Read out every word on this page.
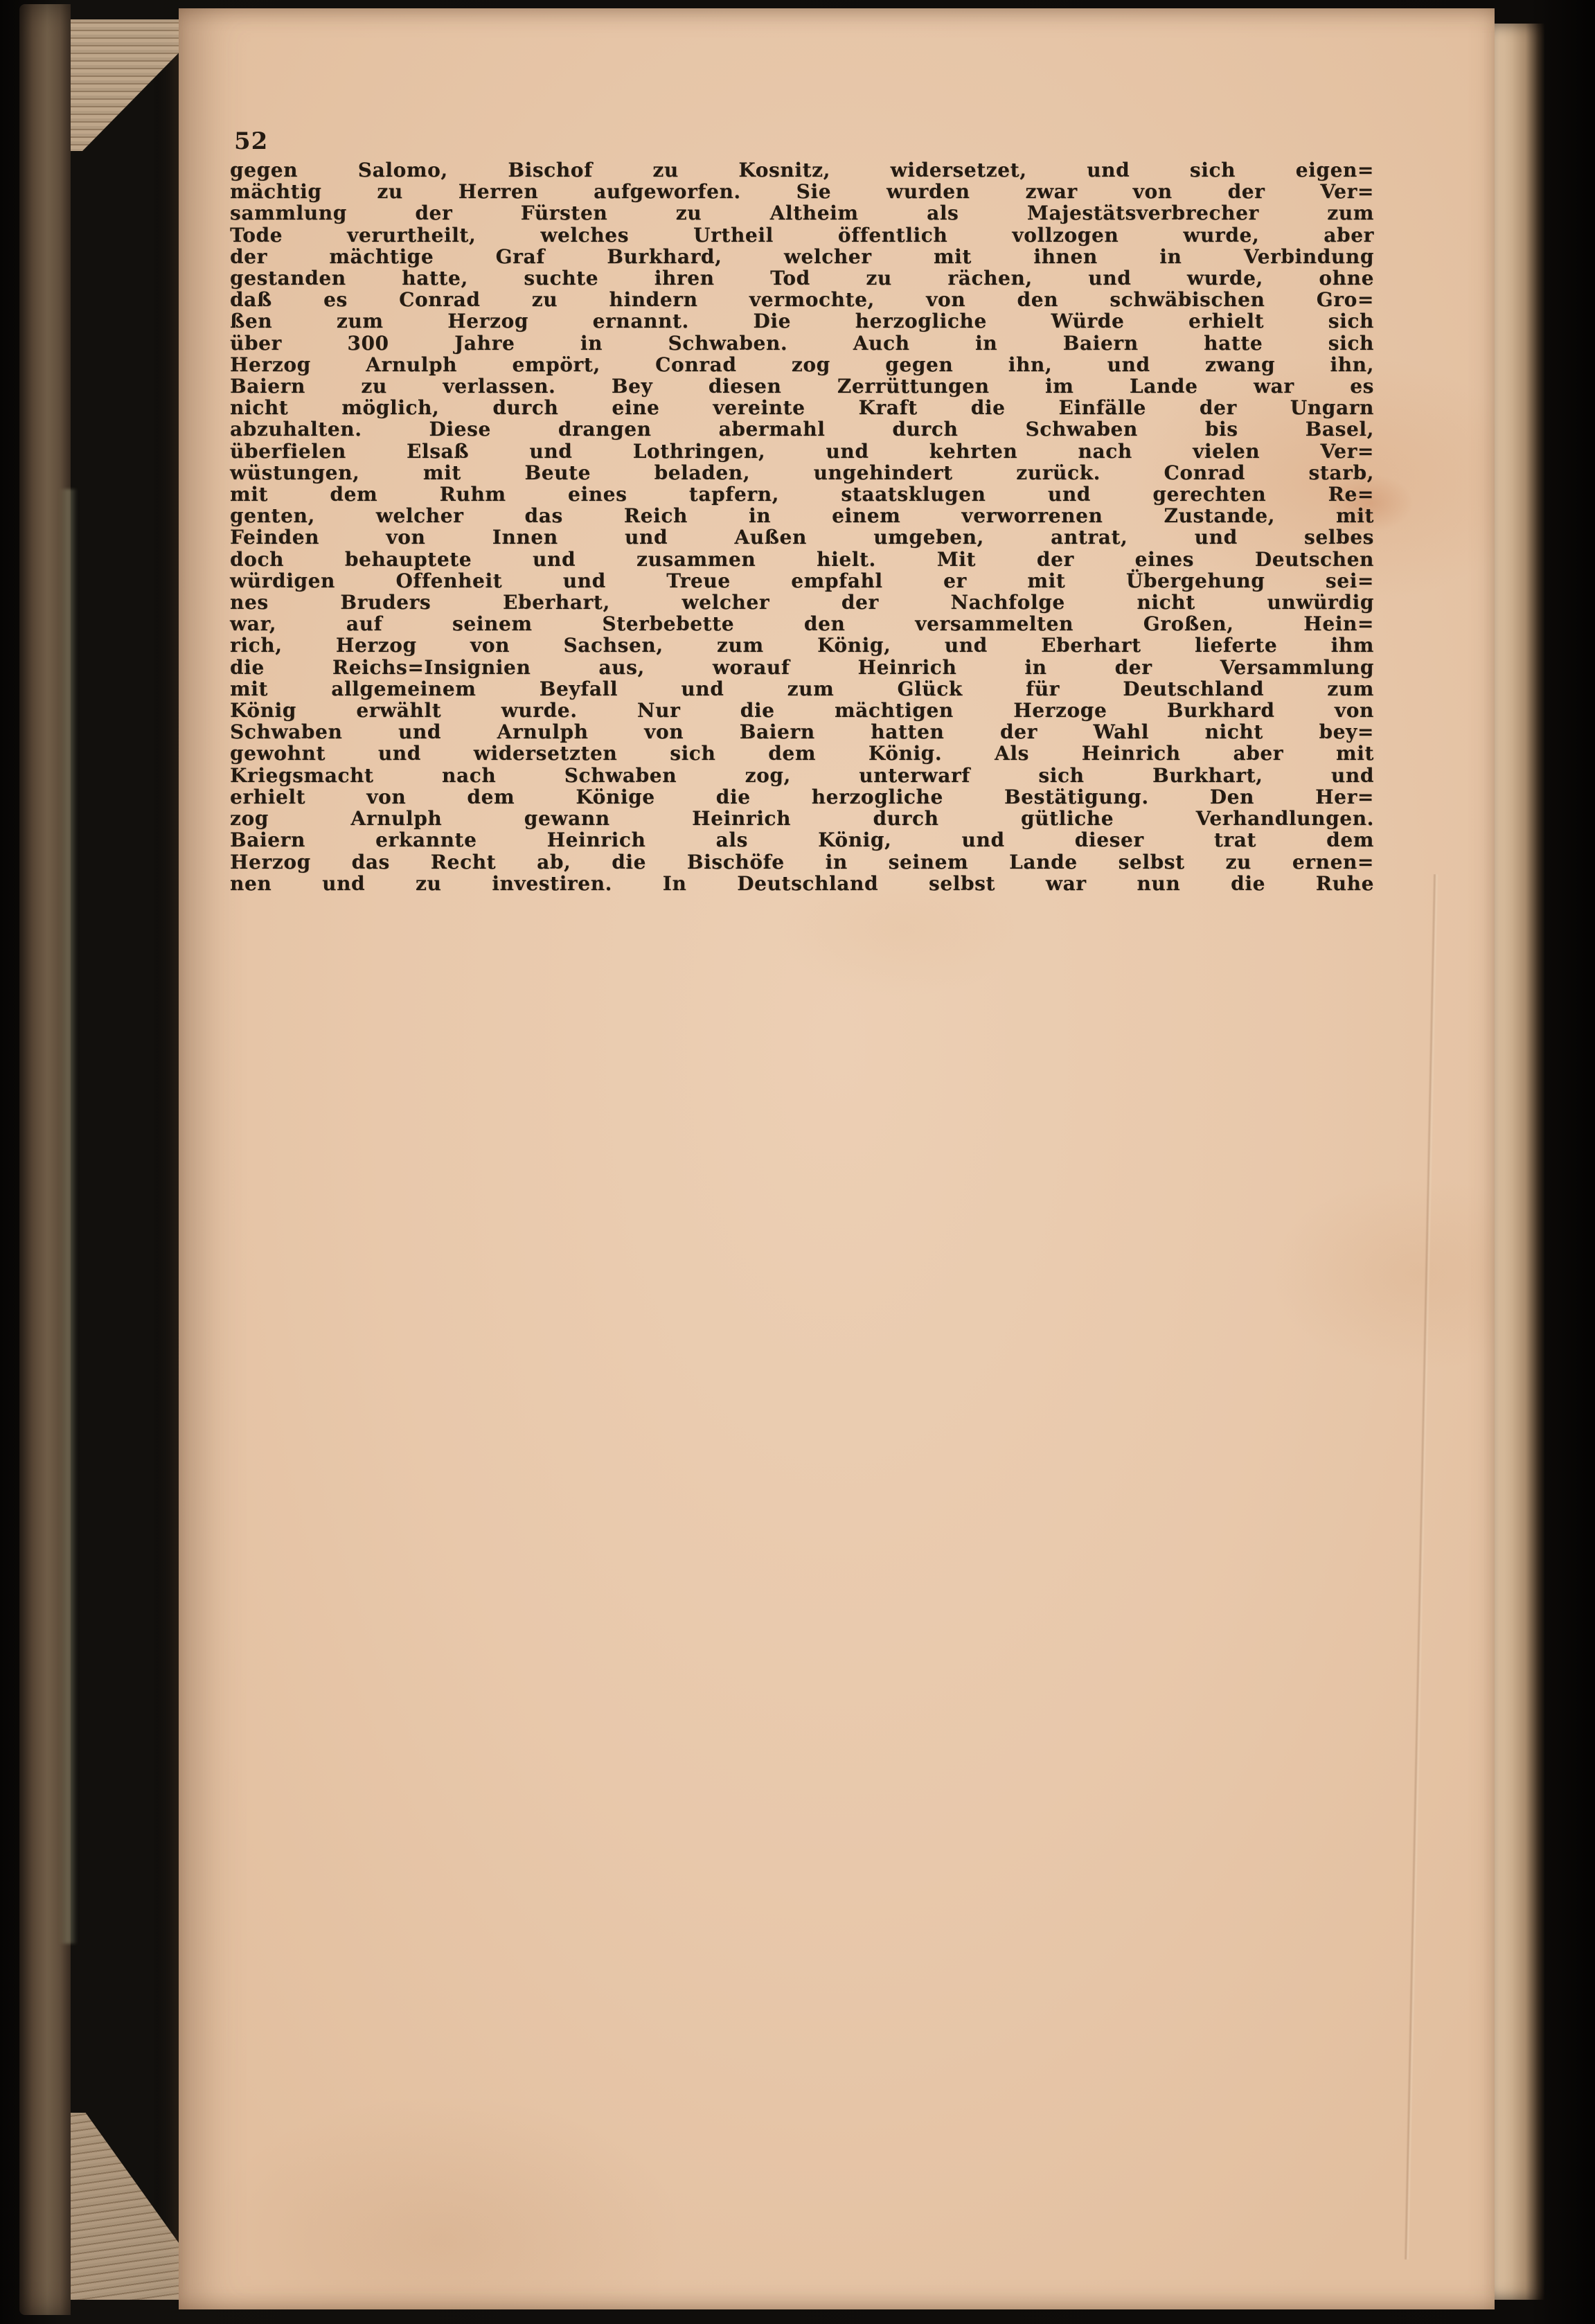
52
gegen Salomo, Bischof zu Kosnitz, widersetzet, und sich eigen=
mächtig zu Herren aufgeworfen. Sie wurden zwar von der Ver=
sammlung der Fürsten zu Altheim als Majestätsverbrecher zum
Tode verurtheilt, welches Urtheil öffentlich vollzogen wurde, aber
der mächtige Graf Burkhard, welcher mit ihnen in Verbindung
gestanden hatte, suchte ihren Tod zu rächen, und wurde, ohne
daß es Conrad zu hindern vermochte, von den schwäbischen Gro=
ßen zum Herzog ernannt. Die herzogliche Würde erhielt sich
über 300 Jahre in Schwaben. Auch in Baiern hatte sich
Herzog Arnulph empört, Conrad zog gegen ihn, und zwang ihn,
Baiern zu verlassen. Bey diesen Zerrüttungen im Lande war es
nicht möglich, durch eine vereinte Kraft die Einfälle der Ungarn
abzuhalten. Diese drangen abermahl durch Schwaben bis Basel,
überfielen Elsaß und Lothringen, und kehrten nach vielen Ver=
wüstungen, mit Beute beladen, ungehindert zurück. Conrad starb,
mit dem Ruhm eines tapfern, staatsklugen und gerechten Re=
genten, welcher das Reich in einem verworrenen Zustande, mit
Feinden von Innen und Außen umgeben, antrat, und selbes
doch behauptete und zusammen hielt. Mit der eines Deutschen
würdigen Offenheit und Treue empfahl er mit Übergehung sei=
nes Bruders Eberhart, welcher der Nachfolge nicht unwürdig
war, auf seinem Sterbebette den versammelten Großen, Hein=
rich, Herzog von Sachsen, zum König, und Eberhart lieferte ihm
die Reichs=Insignien aus, worauf Heinrich in der Versammlung
mit allgemeinem Beyfall und zum Glück für Deutschland zum
König erwählt wurde. Nur die mächtigen Herzoge Burkhard von
Schwaben und Arnulph von Baiern hatten der Wahl nicht bey=
gewohnt und widersetzten sich dem König. Als Heinrich aber mit
Kriegsmacht nach Schwaben zog, unterwarf sich Burkhart, und
erhielt von dem Könige die herzogliche Bestätigung. Den Her=
zog Arnulph gewann Heinrich durch gütliche Verhandlungen.
Baiern erkannte Heinrich als König, und dieser trat dem
Herzog das Recht ab, die Bischöfe in seinem Lande selbst zu ernen=
nen und zu investiren. In Deutschland selbst war nun die Ruhe
